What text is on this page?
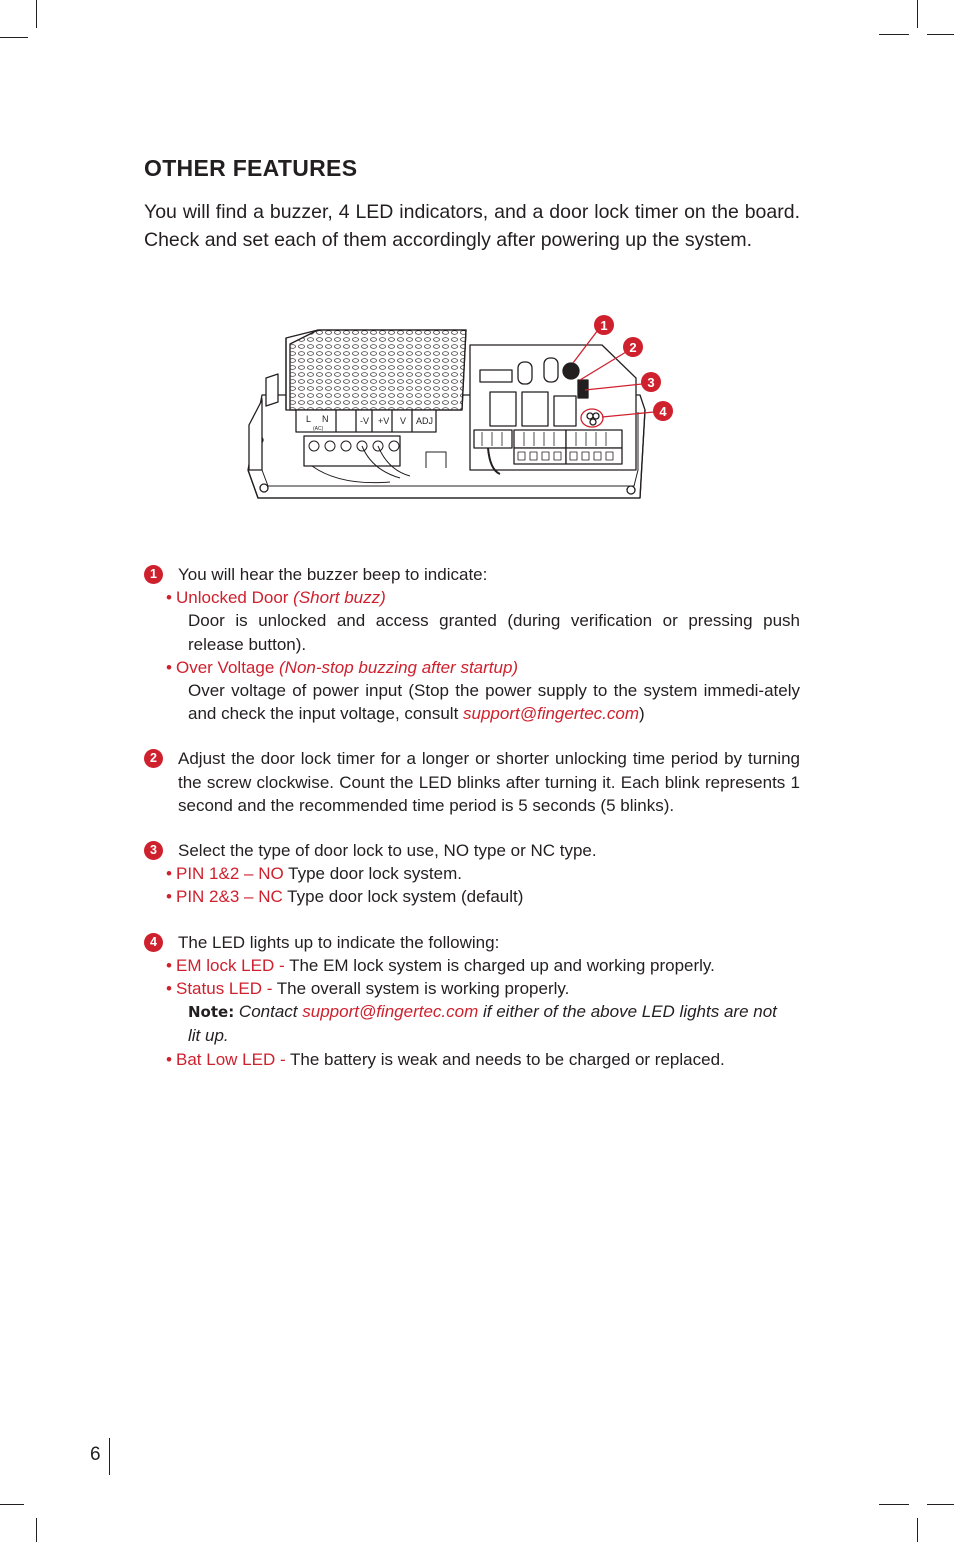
OTHER FEATURES

You will find a buzzer, 4 LED indicators, and a door lock timer on the board. Check and set each of them accordingly after powering up the system.

L N
(AC)
-V +V V ADJ
1
2
3
4
1	You will hear the buzzer beep to indicate:
• Unlocked Door (Short buzz)
Door is unlocked and access granted (during verification or pressing push release button).
• Over Voltage (Non-stop buzzing after startup)
Over voltage of power input (Stop the power supply to the system immedi-ately and check the input voltage, consult support@fingertec.com)
2	Adjust the door lock timer for a longer or shorter unlocking time period by turning the screw clockwise. Count the LED blinks after turning it. Each blink represents 1 second and the recommended time period is 5 seconds (5 blinks).
3	Select the type of door lock to use, NO type or NC type.
• PIN 1&2 – NO Type door lock system.
• PIN 2&3 – NC Type door lock system (default)
4	The LED lights up to indicate the following:
• EM lock LED - The EM lock system is charged up and working properly.
• Status LED - The overall system is working properly.
Note: Contact support@fingertec.com if either of the above LED lights are not lit up.
• Bat Low LED - The battery is weak and needs to be charged or replaced.
6
